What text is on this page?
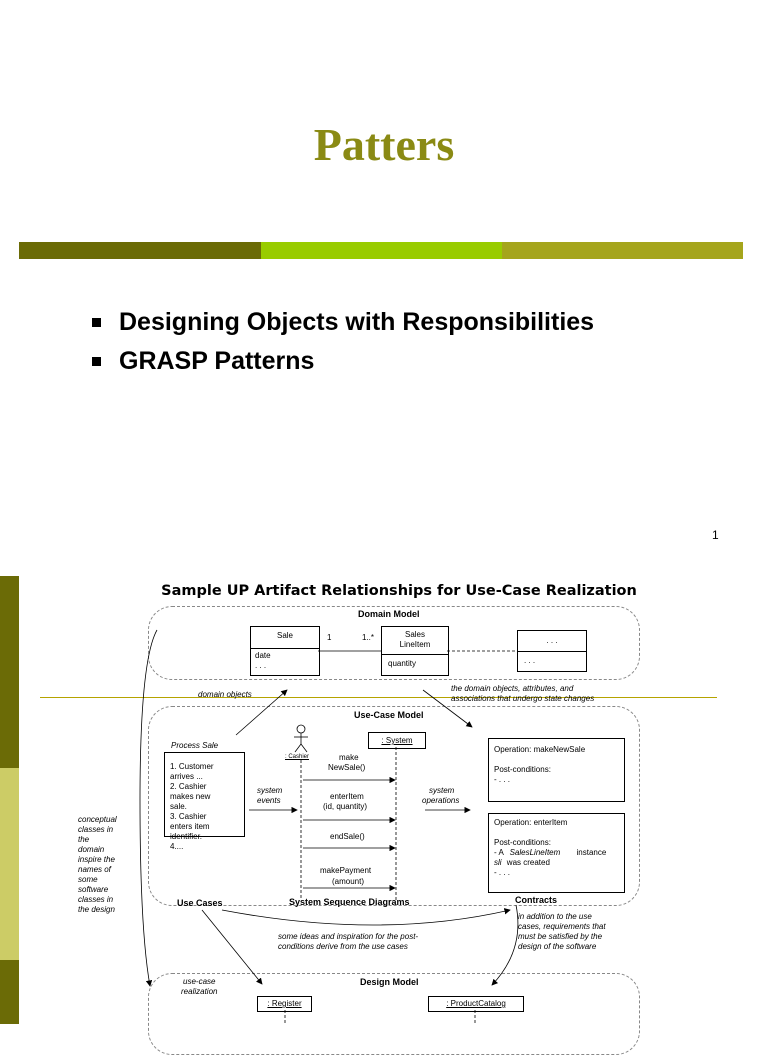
Patters
Designing Objects with Responsibilities
GRASP Patterns
1
Sample UP Artifact Relationships for Use-Case Realization
Domain Model
Sale
date
. . .
1	1..*	Sales
LineItem
quantity
. . .
. . .
domain objects
the domain objects, attributes, and
associations that undergo state changes
Use-Case Model
Process Sale
1. Customer
arrives ...
2. Cashier
makes new
sale.
3. Cashier
enters item
identifier.
4....
system
events
: Cashier
: System
make
NewSale()
enterItem
(id, quantity)
endSale()
makePayment
(amount)
system
operations
Use Cases	System Sequence Diagrams
Operation: makeNewSale
Post-conditions:
- . . .
Operation: enterItem
Post-conditions:
- A SalesLineItem instance
sli was created
- . . .
Contracts
in addition to the use
cases, requirements that
must be satisfied by the
design of the software
conceptual
classes in
the
domain
inspire the
names of
some
software
classes in
the design
some ideas and inspiration for the post-
conditions derive from the use cases
use-case
realization
Design Model
: Register	: ProductCatalog
